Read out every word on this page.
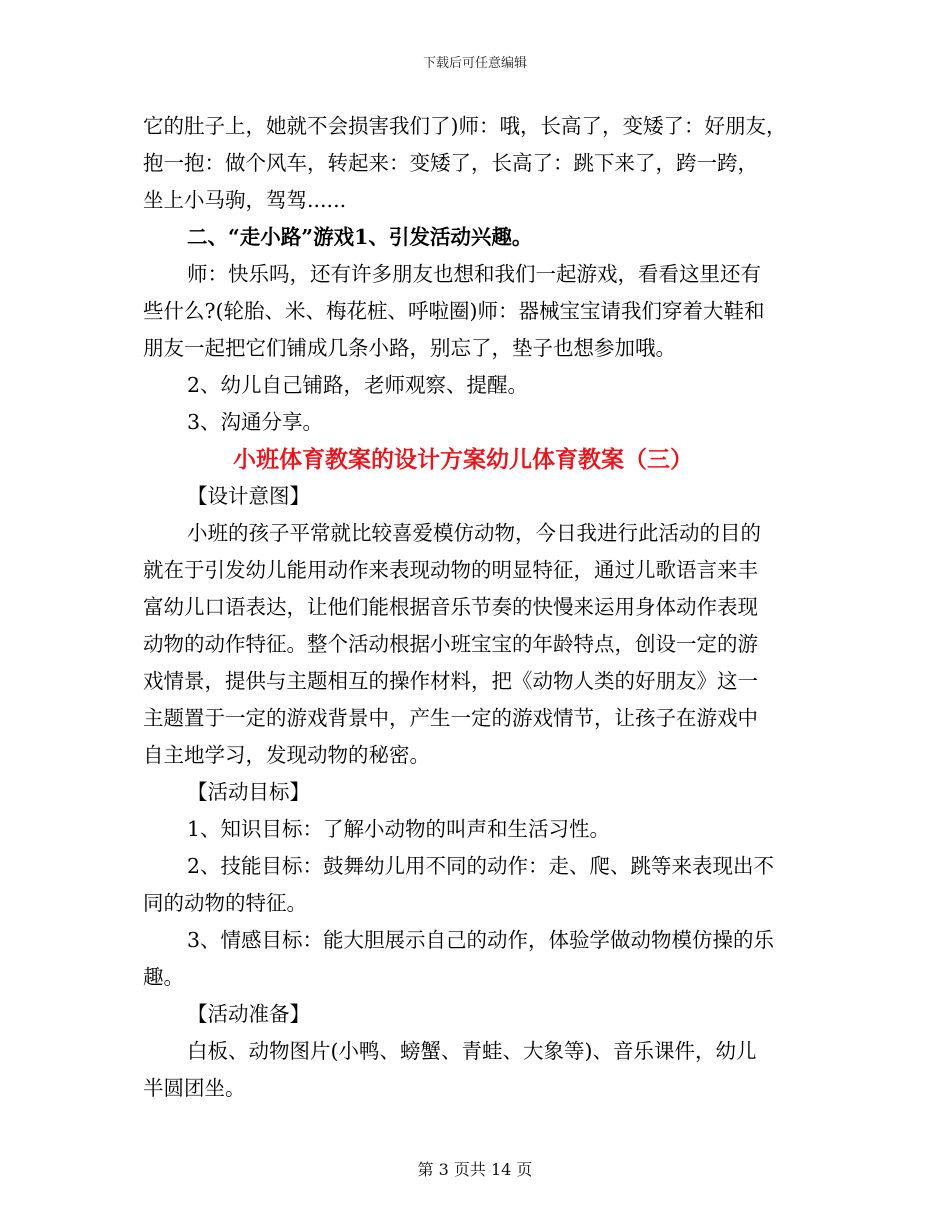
下载后可任意编辑
它的肚子上，她就不会损害我们了)师：哦，长高了，变矮了：好朋友，
抱一抱：做个风车，转起来：变矮了，长高了：跳下来了，跨一跨，
坐上小马驹，驾驾......
二、“走小路”游戏1、引发活动兴趣。
师：快乐吗，还有许多朋友也想和我们一起游戏，看看这里还有
些什么?(轮胎、米、梅花桩、呼啦圈)师：器械宝宝请我们穿着大鞋和
朋友一起把它们铺成几条小路，别忘了，垫子也想参加哦。
2、幼儿自己铺路，老师观察、提醒。
3、沟通分享。
小班体育教案的设计方案幼儿体育教案（三）
【设计意图】
小班的孩子平常就比较喜爱模仿动物，今日我进行此活动的目的
就在于引发幼儿能用动作来表现动物的明显特征，通过儿歌语言来丰
富幼儿口语表达，让他们能根据音乐节奏的快慢来运用身体动作表现
动物的动作特征。整个活动根据小班宝宝的年龄特点，创设一定的游
戏情景，提供与主题相互的操作材料，把《动物人类的好朋友》这一
主题置于一定的游戏背景中，产生一定的游戏情节，让孩子在游戏中
自主地学习，发现动物的秘密。
【活动目标】
1、知识目标：了解小动物的叫声和生活习性。
2、技能目标：鼓舞幼儿用不同的动作：走、爬、跳等来表现出不
同的动物的特征。
3、情感目标：能大胆展示自己的动作，体验学做动物模仿操的乐
趣。
【活动准备】
白板、动物图片(小鸭、螃蟹、青蛙、大象等)、音乐课件，幼儿
半圆团坐。
第 3 页共 14 页
